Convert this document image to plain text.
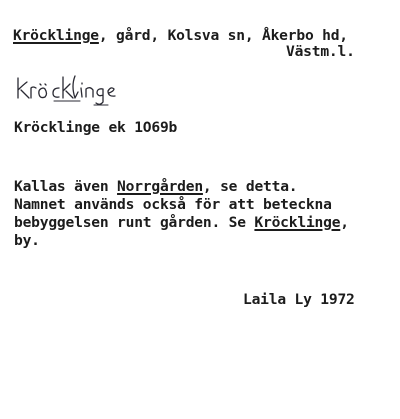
Kröcklinge, gård, Kolsva sn, Åkerbo hd,
Västm.l.
kröcklinge
Kröcklinge ek 1O69b
Kallas även Norrgården, se detta.
Namnet används också för att beteckna
bebyggelsen runt gården. Se Kröcklinge,
by.
Laila Ly 1972
